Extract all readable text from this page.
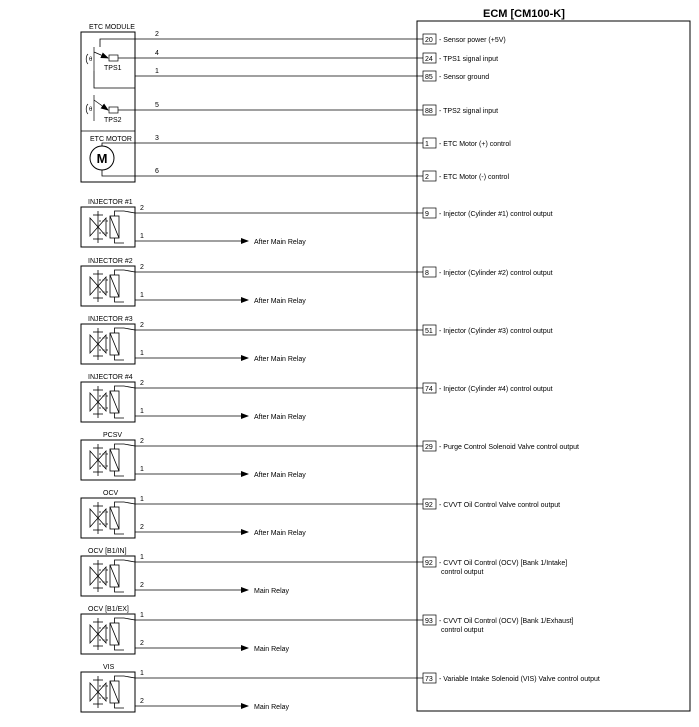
ECM [CM100-K]
ETC MODULE
θ
TPS1
θ
TPS2
ETC MOTOR
M
2
20 - Sensor power (+5V)
4
24 - TPS1 signal input
1
85 - Sensor ground
5
88 - TPS2 signal input
3
1 - ETC Motor (+) control
6
2 - ETC Motor (-) control
INJECTOR #1
2
1
After Main Relay
9 - Injector (Cylinder #1) control output
INJECTOR #2
2
1
After Main Relay
8 - Injector (Cylinder #2) control output
INJECTOR #3
2
1
After Main Relay
51 - Injector (Cylinder #3) control output
INJECTOR #4
2
1
After Main Relay
74 - Injector (Cylinder #4) control output
PCSV
2
1
After Main Relay
29 - Purge Control Solenoid Valve control output
OCV
1
2
After Main Relay
92 - CVVT Oil Control Valve control output
OCV [B1/IN]
1
2
Main Relay
92 - CVVT Oil Control (OCV) [Bank 1/Intake]
control output
OCV [B1/EX]
1
2
Main Relay
93 - CVVT Oil Control (OCV) [Bank 1/Exhaust]
control output
VIS
1
2
Main Relay
73 - Variable Intake Solenoid (VIS) Valve control output
